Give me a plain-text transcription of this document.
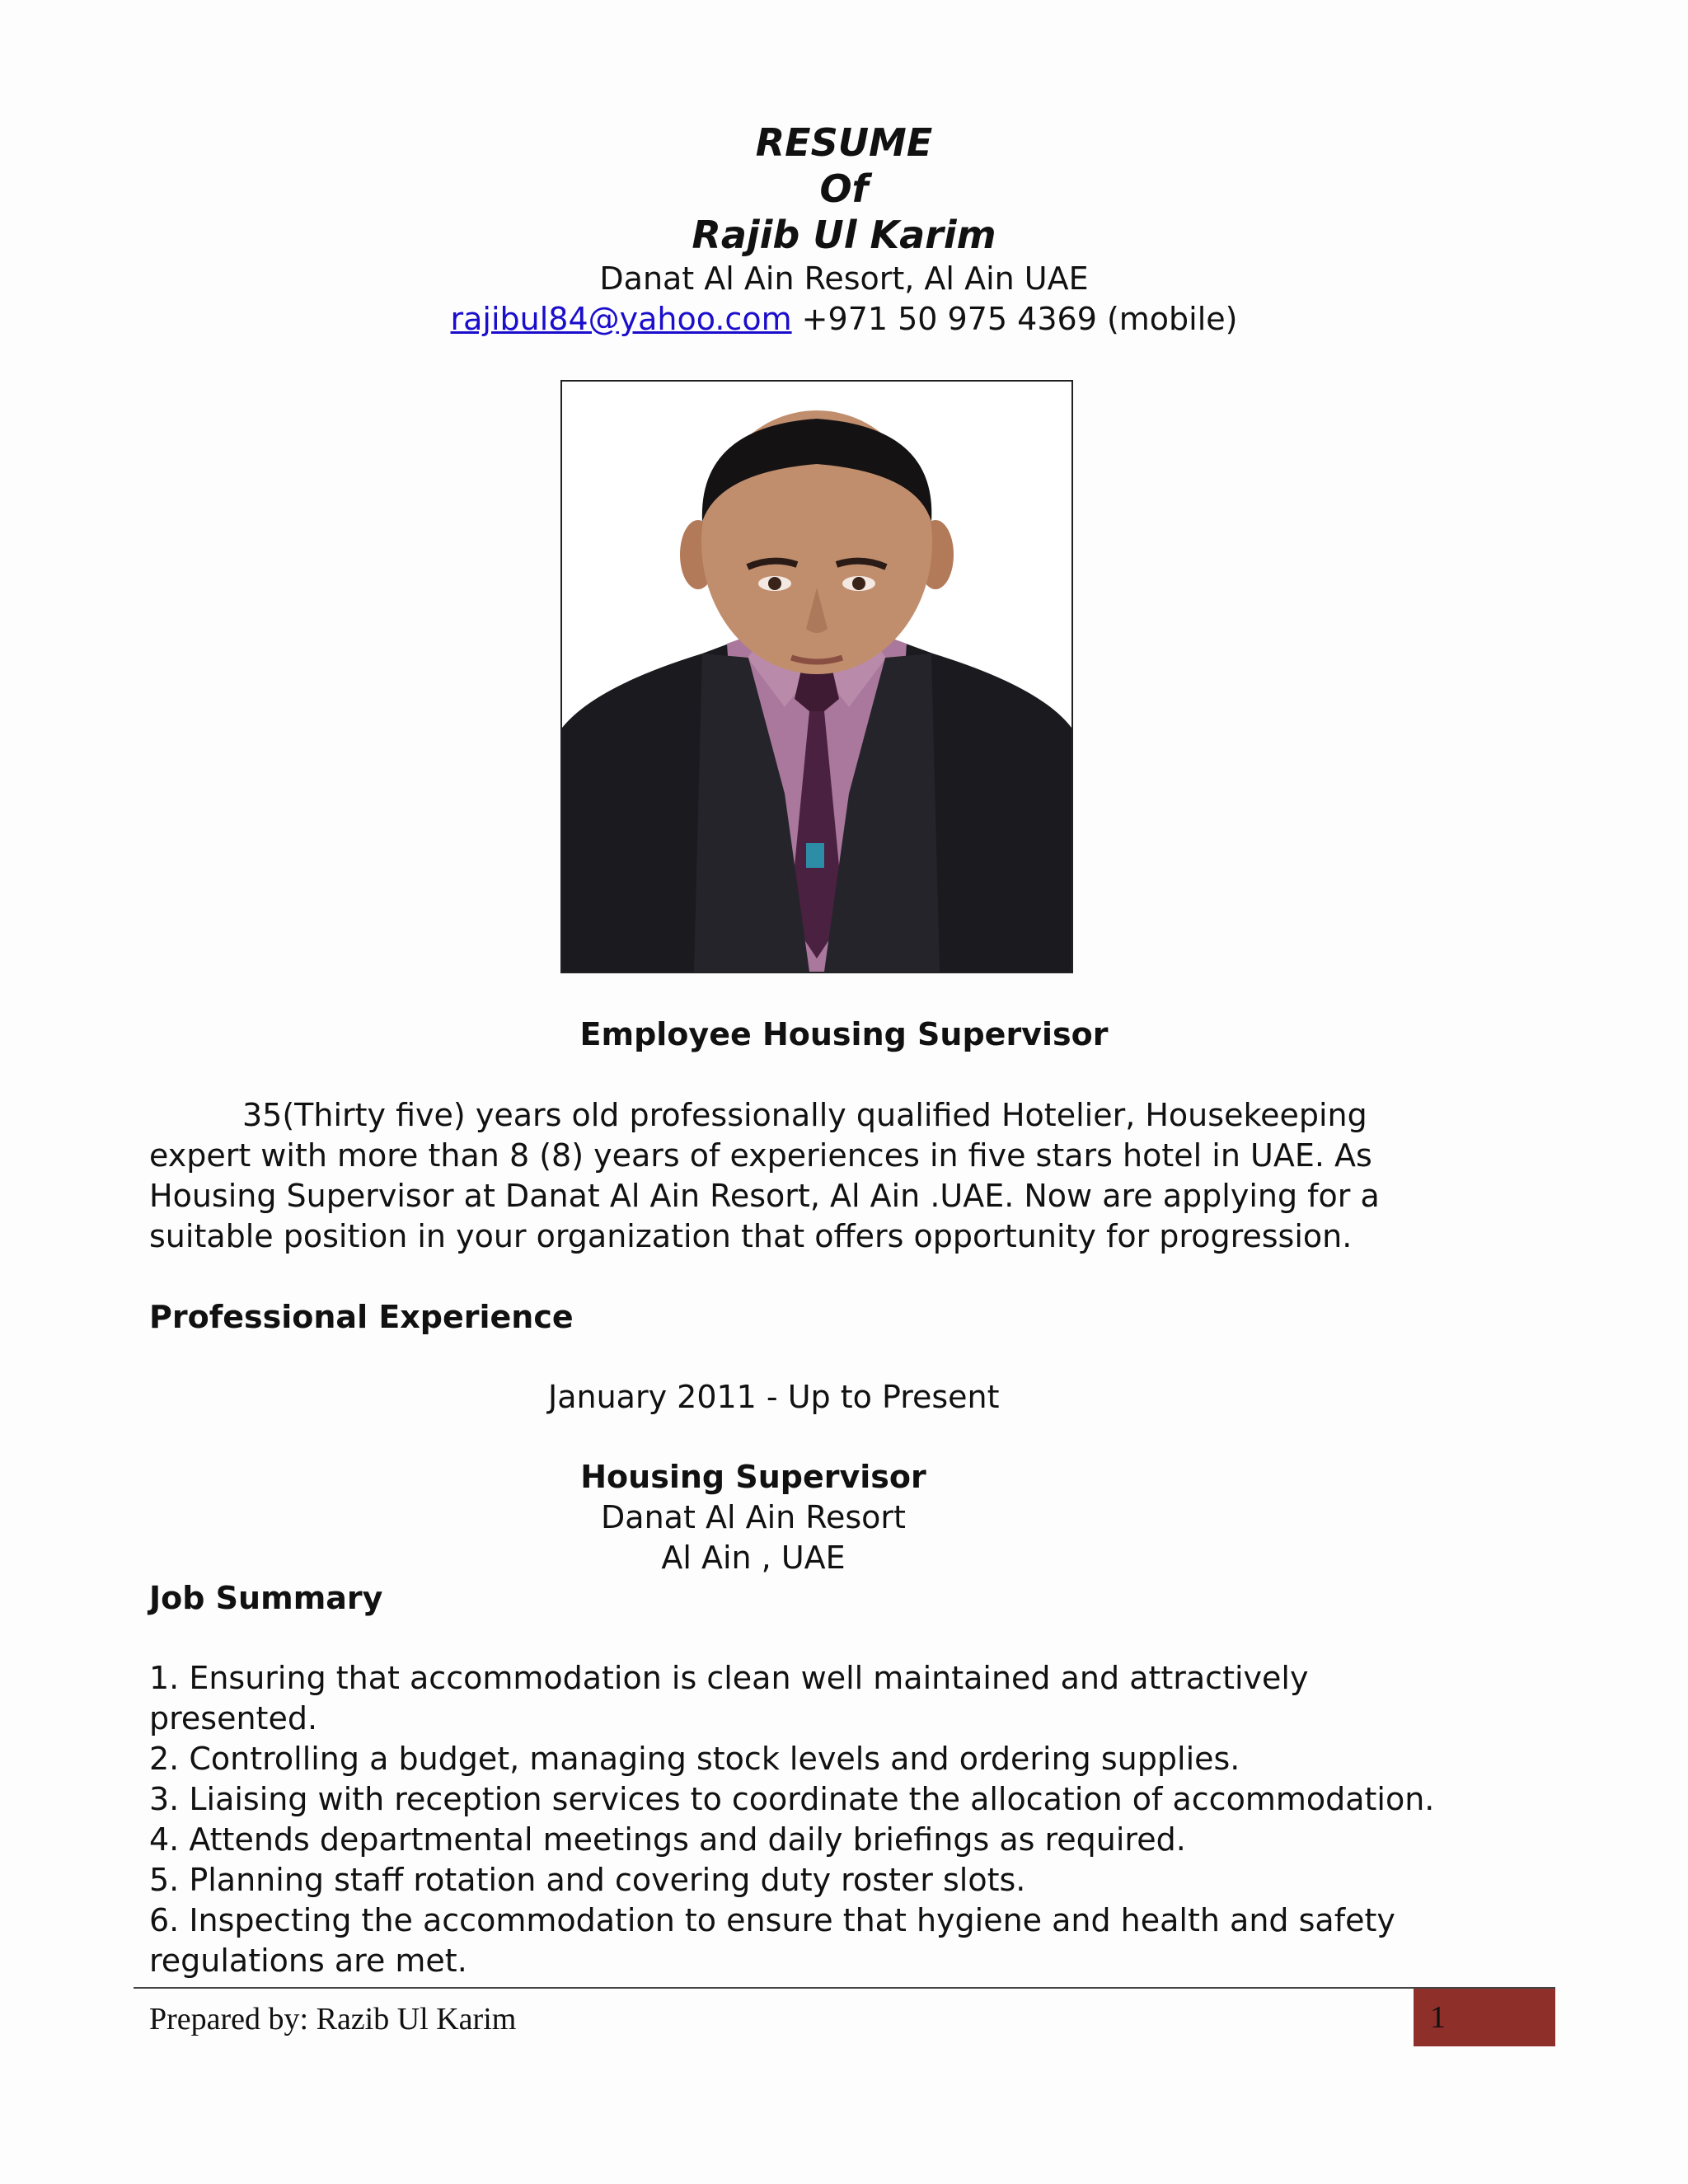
RESUME
Of
Rajib Ul Karim
Danat Al Ain Resort, Al Ain UAE
rajibul84@yahoo.com +971 50 975 4369 (mobile)
Employee Housing Supervisor
35(Thirty five) years old professionally qualified Hotelier, Housekeeping
expert with more than 8 (8) years of experiences in five stars hotel in UAE. As
Housing Supervisor at Danat Al Ain Resort, Al Ain .UAE. Now are applying for a
suitable position in your organization that offers opportunity for progression.
Professional Experience
January 2011 - Up to Present
Housing Supervisor
Danat Al Ain Resort
Al Ain , UAE
Job Summary
1. Ensuring that accommodation is clean well maintained and attractively
presented.
2. Controlling a budget, managing stock levels and ordering supplies.
3. Liaising with reception services to coordinate the allocation of accommodation.
4. Attends departmental meetings and daily briefings as required.
5. Planning staff rotation and covering duty roster slots.
6. Inspecting the accommodation to ensure that hygiene and health and safety
regulations are met.
Prepared by: Razib Ul Karim	1
